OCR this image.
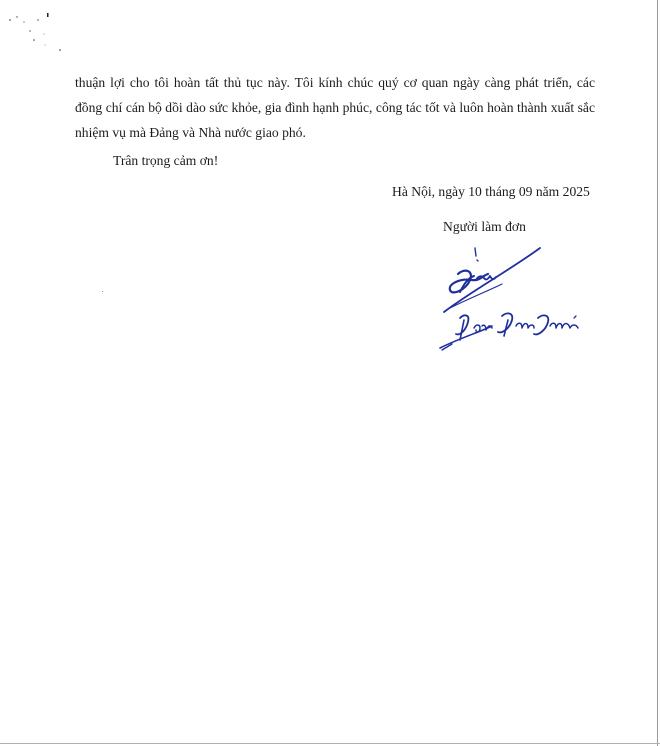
thuận lợi cho tôi hoàn tất thủ tục này. Tôi kính chúc quý cơ quan ngày càng phát triển, các đồng chí cán bộ dồi dào sức khỏe, gia đình hạnh phúc, công tác tốt và luôn hoàn thành xuất sắc nhiệm vụ mà Đảng và Nhà nước giao phó.

Trân trọng cảm ơn!

Hà Nội, ngày 10 tháng 09 năm 2025

Người làm đơn
